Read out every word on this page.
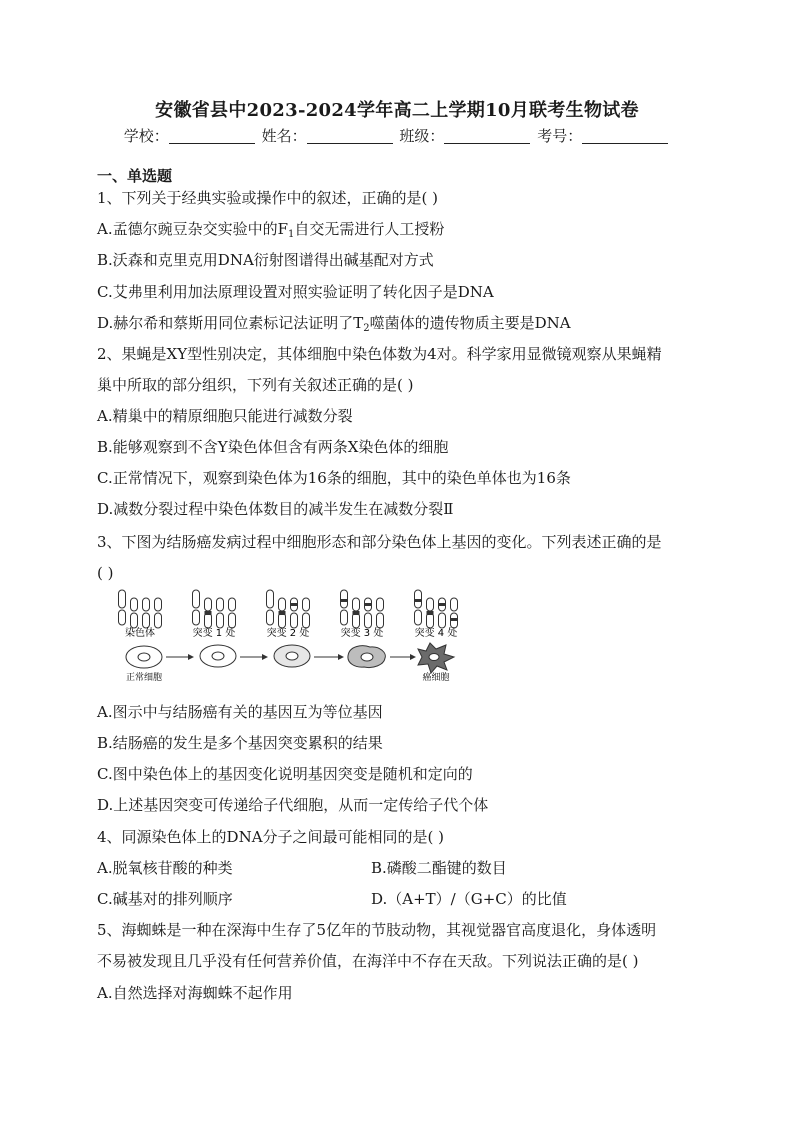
安徽省县中2023-2024学年高二上学期10月联考生物试卷
学校：	姓名：	班级：	考号：
一、单选题
1、下列关于经典实验或操作中的叙述，正确的是( )
A.孟德尔豌豆杂交实验中的$F_1$自交无需进行人工授粉
B.沃森和克里克用DNA衍射图谱得出碱基配对方式
C.艾弗里利用加法原理设置对照实验证明了转化因子是DNA
D.赫尔希和蔡斯用同位素标记法证明了$T_2$噬菌体的遗传物质主要是DNA
2、果蝇是XY型性别决定，其体细胞中染色体数为4对。科学家用显微镜观察从果蝇精
巢中所取的部分组织，下列有关叙述正确的是( )
A.精巢中的精原细胞只能进行减数分裂
B.能够观察到不含Y染色体但含有两条X染色体的细胞
C.正常情况下，观察到染色体为16条的细胞，其中的染色单体也为16条
D.减数分裂过程中染色体数目的减半发生在减数分裂Ⅱ
3、下图为结肠癌发病过程中细胞形态和部分染色体上基因的变化。下列表述正确的是
( )
染色体	突变 1 处	突变 2 处	突变 3 处	突变 4 处
正常细胞	癌细胞
A.图示中与结肠癌有关的基因互为等位基因
B.结肠癌的发生是多个基因突变累积的结果
C.图中染色体上的基因变化说明基因突变是随机和定向的
D.上述基因突变可传递给子代细胞，从而一定传给子代个体
4、同源染色体上的DNA分子之间最可能相同的是( )
A.脱氧核苷酸的种类	B.磷酸二酯键的数目
C.碱基对的排列顺序	D.（A+T）/（G+C）的比值
5、海蜘蛛是一种在深海中生存了5亿年的节肢动物，其视觉器官高度退化，身体透明
不易被发现且几乎没有任何营养价值，在海洋中不存在天敌。下列说法正确的是( )
A.自然选择对海蜘蛛不起作用
